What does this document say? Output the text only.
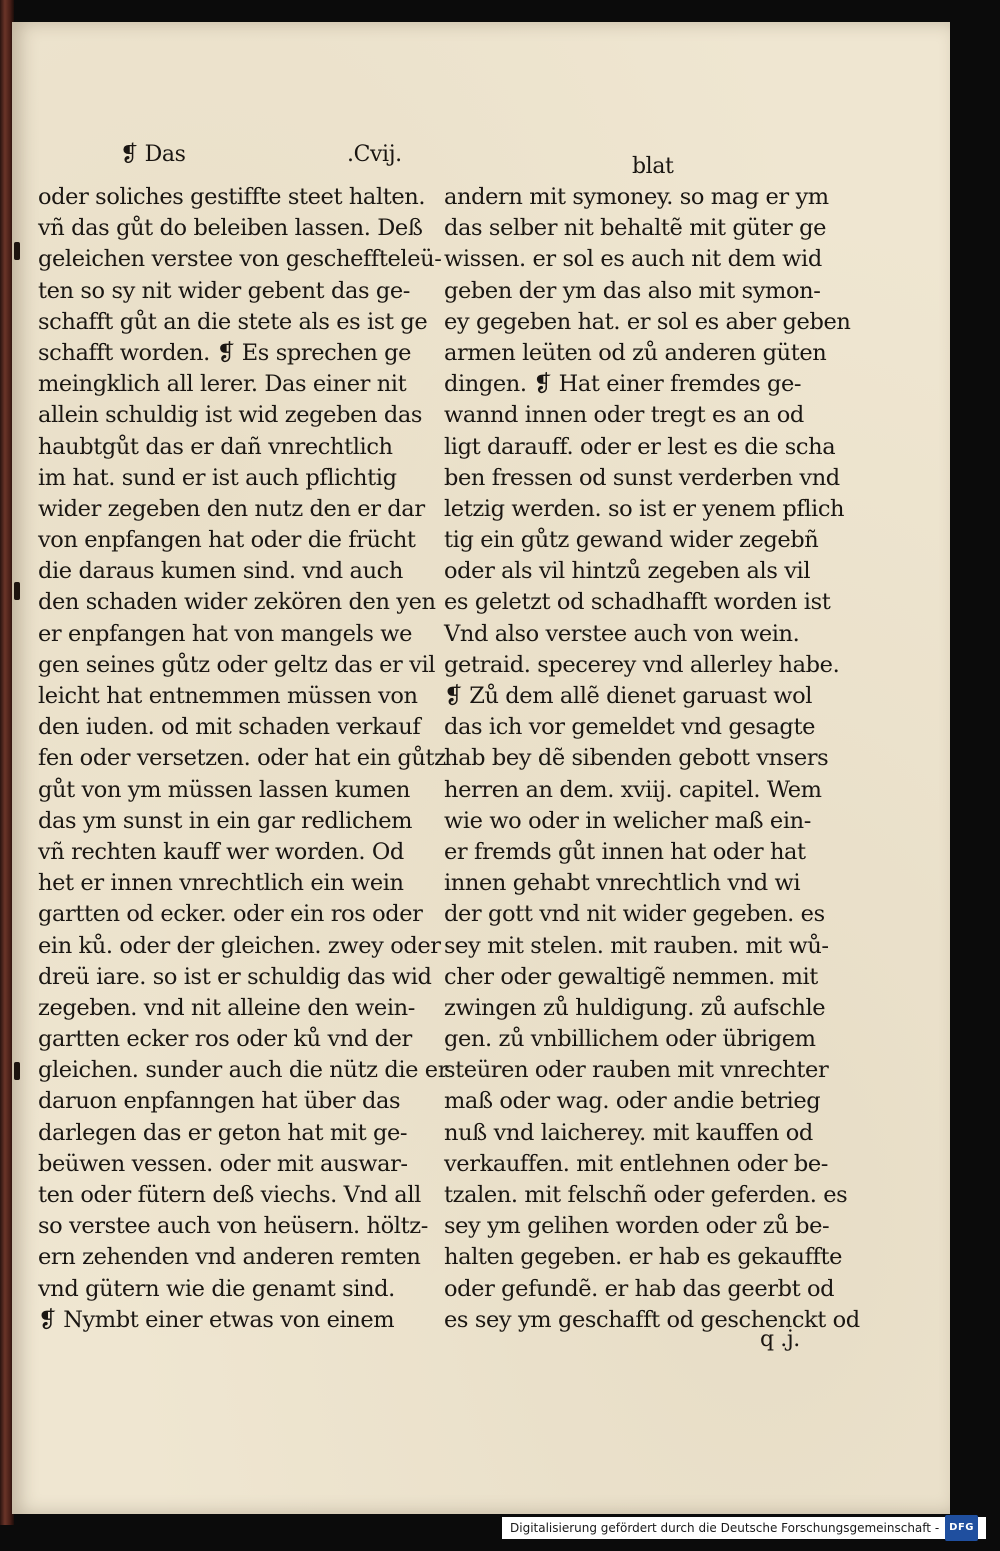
❡ Das	.Cvij.	blat
oder soliches gestiffte steet halten.
vñ das gůt do beleiben lassen. Deß
geleichen verstee von gescheffteleü-
ten so sy nit wider gebent das ge-
schafft gůt an die stete als es ist ge
schafft worden. ❡ Es sprechen ge
meingklich all lerer. Das einer nit
allein schuldig ist wid zegeben das
haubtgůt das er dañ vnrechtlich
im hat. sund er ist auch pflichtig
wider zegeben den nutz den er dar
von enpfangen hat oder die frücht
die daraus kumen sind. vnd auch
den schaden wider zekören den yen
er enpfangen hat von mangels we
gen seines gůtz oder geltz das er vil
leicht hat entnemmen müssen von
den iuden. od mit schaden verkauf
fen oder versetzen. oder hat ein gůtz
gůt von ym müssen lassen kumen
das ym sunst in ein gar redlichem
vñ rechten kauff wer worden. Od
het er innen vnrechtlich ein wein
gartten od ecker. oder ein ros oder
ein ků. oder der gleichen. zwey oder
dreü iare. so ist er schuldig das wid
zegeben. vnd nit alleine den wein-
gartten ecker ros oder ků vnd der
gleichen. sunder auch die nütz die er
daruon enpfanngen hat über das
darlegen das er geton hat mit ge-
beüwen vessen. oder mit auswar-
ten oder fütern deß viechs. Vnd all
so verstee auch von heüsern. höltz-
ern zehenden vnd anderen remten
vnd gütern wie die genamt sind.
❡ Nymbt einer etwas von einem
andern mit symoney. so mag er ym
das selber nit behaltẽ mit güter ge
wissen. er sol es auch nit dem wid
geben der ym das also mit symon-
ey gegeben hat. er sol es aber geben
armen leüten od zů anderen güten
dingen. ❡ Hat einer fremdes ge-
wannd innen oder tregt es an od
ligt darauff. oder er lest es die scha
ben fressen od sunst verderben vnd
letzig werden. so ist er yenem pflich
tig ein gůtz gewand wider zegebñ
oder als vil hintzů zegeben als vil
es geletzt od schadhafft worden ist
Vnd also verstee auch von wein.
getraid. specerey vnd allerley habe.
❡ Zů dem allẽ dienet garuast wol
das ich vor gemeldet vnd gesagte
hab bey dẽ sibenden gebott vnsers
herren an dem. xviij. capitel. Wem
wie wo oder in welicher maß ein-
er fremds gůt innen hat oder hat
innen gehabt vnrechtlich vnd wi
der gott vnd nit wider gegeben. es
sey mit stelen. mit rauben. mit wů-
cher oder gewaltigẽ nemmen. mit
zwingen zů huldigung. zů aufschle
gen. zů vnbillichem oder übrigem
steüren oder rauben mit vnrechter
maß oder wag. oder andie betrieg
nuß vnd laicherey. mit kauffen od
verkauffen. mit entlehnen oder be-
tzalen. mit felschñ oder geferden. es
sey ym gelihen worden oder zů be-
halten gegeben. er hab es gekauffte
oder gefundẽ. er hab das geerbt od
es sey ym geschafft od geschenckt od
q .j.
Digitalisierung gefördert durch die Deutsche Forschungsgemeinschaft -	DFG
